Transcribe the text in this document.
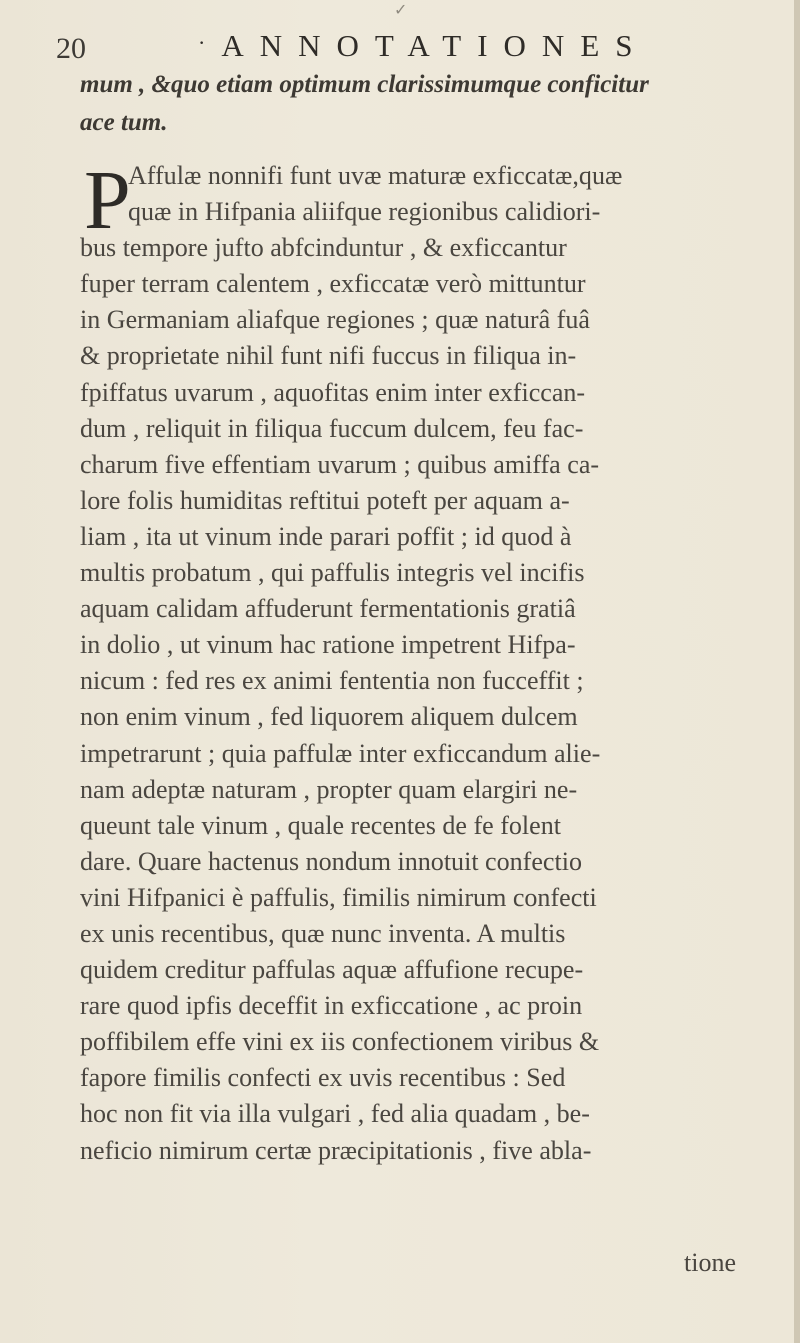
20	· ANNOTATIONES
mum , &quo etiam optimum clarissimumque conficitur
ace tum.
P
Affulæ nonnifi funt uvæ maturæ exficcatæ,quæ
quæ in Hifpania aliifque regionibus calidiori-
bus tempore jufto abfcinduntur , & exficcantur
fuper terram calentem , exficcatæ verò mittuntur
in Germaniam aliafque regiones ; quæ naturâ fuâ
& proprietate nihil funt nifi fuccus in filiqua in-
fpiffatus uvarum , aquofitas enim inter exficcan-
dum , reliquit in filiqua fuccum dulcem, feu fac-
charum five effentiam uvarum ; quibus amiffa ca-
lore folis humiditas reftitui poteft per aquam a-
liam , ita ut vinum inde parari poffit ; id quod à
multis probatum , qui paffulis integris vel incifis
aquam calidam affuderunt fermentationis gratiâ
in dolio , ut vinum hac ratione impetrent Hifpa-
nicum : fed res ex animi fententia non fucceffit ;
non enim vinum , fed liquorem aliquem dulcem
impetrarunt ; quia paffulæ inter exficcandum alie-
nam adeptæ naturam , propter quam elargiri ne-
queunt tale vinum , quale recentes de fe folent
dare. Quare hactenus nondum innotuit confectio
vini Hifpanici è paffulis, fimilis nimirum confecti
ex unis recentibus, quæ nunc inventa. A multis
quidem creditur paffulas aquæ affufione recupe-
rare quod ipfis deceffit in exficcatione , ac proin
poffibilem effe vini ex iis confectionem viribus &
fapore fimilis confecti ex uvis recentibus : Sed
hoc non fit via illa vulgari , fed alia quadam , be-
neficio nimirum certæ præcipitationis , five abla-
tione
✓
